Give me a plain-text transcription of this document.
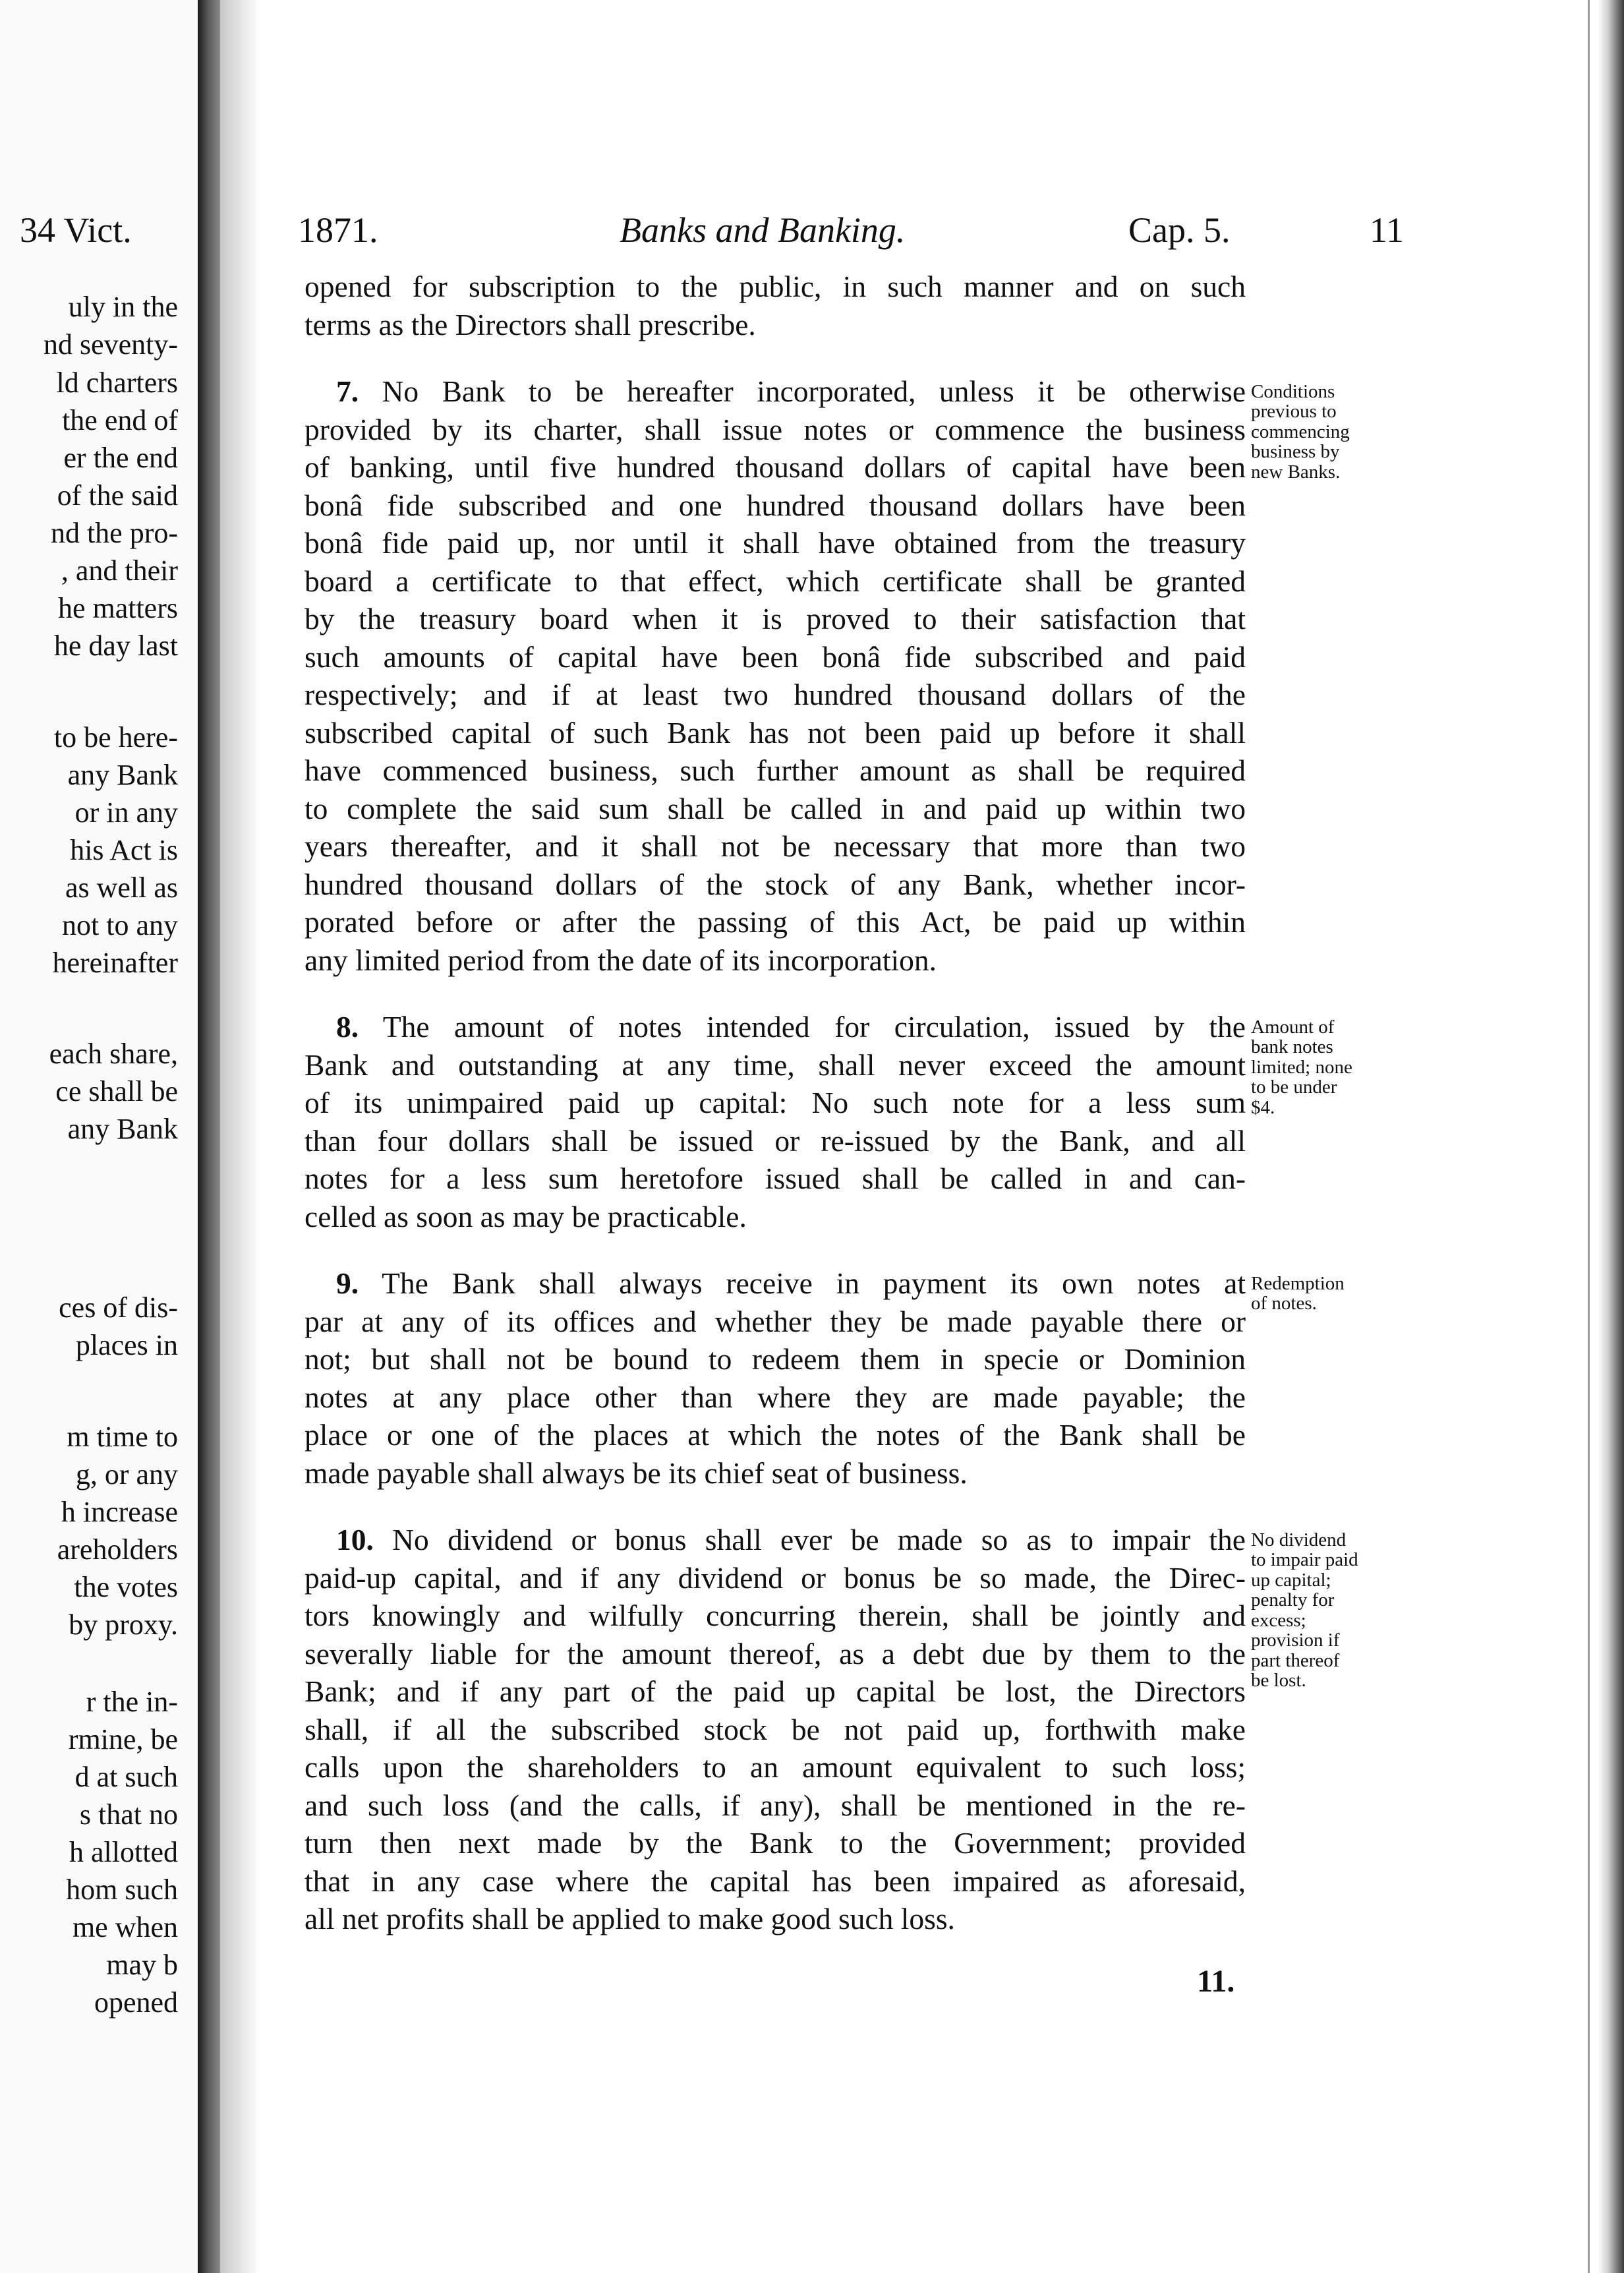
34 Vict.
uly in the
nd seventy-
ld charters
the end of
er the end
of the said
nd the pro-
, and their
he matters
he day last
to be here-
any Bank
or in any
his Act is
as well as
not to any
hereinafter
each share,
ce shall be
any Bank
ces of dis-
places in
m time to
g, or any
h increase
areholders
the votes
by proxy.
r the in-
rmine, be
d at such
s that no
h allotted
hom such
me when
may b
opened
1871.	Banks and Banking.	Cap. 5.	11
opened for subscription to the public, in such manner and on such
terms as the Directors shall prescribe.
7. No Bank to be hereafter incorporated, unless it be otherwise
provided by its charter, shall issue notes or commence the business
of banking, until five hundred thousand dollars of capital have been
bonâ fide subscribed and one hundred thousand dollars have been
bonâ fide paid up, nor until it shall have obtained from the treasury
board a certificate to that effect, which certificate shall be granted
by the treasury board when it is proved to their satisfaction that
such amounts of capital have been bonâ fide subscribed and paid
respectively; and if at least two hundred thousand dollars of the
subscribed capital of such Bank has not been paid up before it shall
have commenced business, such further amount as shall be required
to complete the said sum shall be called in and paid up within two
years thereafter, and it shall not be necessary that more than two
hundred thousand dollars of the stock of any Bank, whether incor-
porated before or after the passing of this Act, be paid up within
any limited period from the date of its incorporation.
8. The amount of notes intended for circulation, issued by the
Bank and outstanding at any time, shall never exceed the amount
of its unimpaired paid up capital: No such note for a less sum
than four dollars shall be issued or re-issued by the Bank, and all
notes for a less sum heretofore issued shall be called in and can-
celled as soon as may be practicable.
9. The Bank shall always receive in payment its own notes at
par at any of its offices and whether they be made payable there or
not; but shall not be bound to redeem them in specie or Dominion
notes at any place other than where they are made payable; the
place or one of the places at which the notes of the Bank shall be
made payable shall always be its chief seat of business.
10. No dividend or bonus shall ever be made so as to impair the
paid-up capital, and if any dividend or bonus be so made, the Direc-
tors knowingly and wilfully concurring therein, shall be jointly and
severally liable for the amount thereof, as a debt due by them to the
Bank; and if any part of the paid up capital be lost, the Directors
shall, if all the subscribed stock be not paid up, forthwith make
calls upon the shareholders to an amount equivalent to such loss;
and such loss (and the calls, if any), shall be mentioned in the re-
turn then next made by the Bank to the Government; provided
that in any case where the capital has been impaired as aforesaid,
all net profits shall be applied to make good such loss.
Conditions
previous to
commencing
business by
new Banks.
Amount of
bank notes
limited; none
to be under
$4.
Redemption
of notes.
No dividend
to impair paid
up capital;
penalty for
excess;
provision if
part thereof
be lost.
11.
